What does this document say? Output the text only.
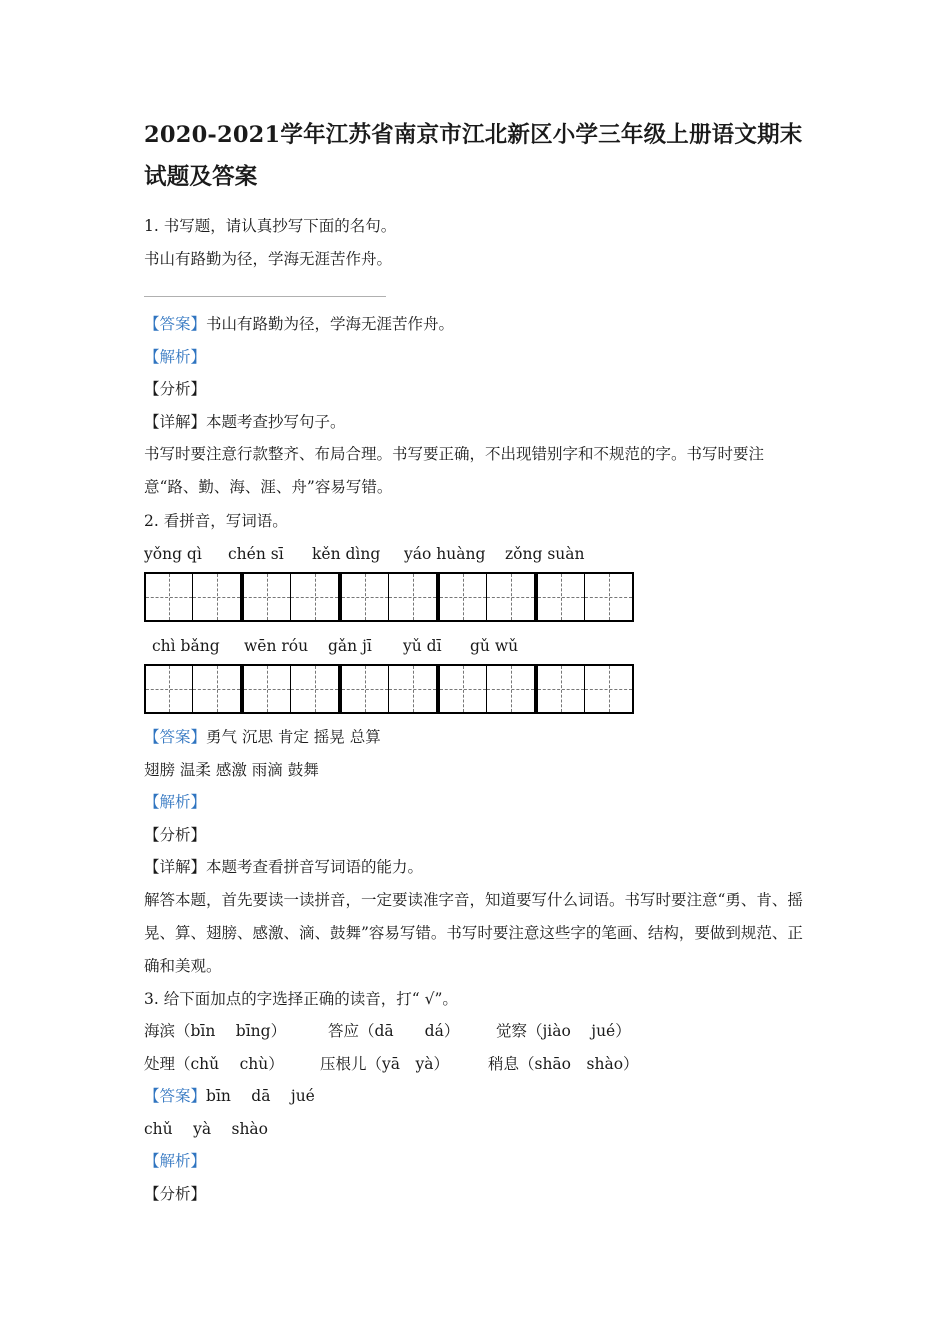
2020-2021学年江苏省南京市江北新区小学三年级上册语文期末试题及答案
1. 书写题，请认真抄写下面的名句。
书山有路勤为径，学海无涯苦作舟。
【答案】书山有路勤为径，学海无涯苦作舟。
【解析】
【分析】
【详解】本题考查抄写句子。
书写时要注意行款整齐、布局合理。书写要正确，不出现错别字和不规范的字。书写时要注意“路、勤、海、涯、舟”容易写错。
2. 看拼音，写词语。
yǒng qì chén sī kěn dìng yáo huàng zǒng suàn
chì bǎng wēn róu gǎn jī yǔ dī gǔ wǔ
【答案】勇气 沉思 肯定 摇晃 总算
翅膀 温柔 感激 雨滴 鼓舞
【解析】
【分析】
【详解】本题考查看拼音写词语的能力。
解答本题，首先要读一读拼音，一定要读准字音，知道要写什么词语。书写时要注意“勇、肯、摇晃、算、翅膀、感激、滴、鼓舞”容易写错。书写时要注意这些字的笔画、结构，要做到规范、正确和美观。
3. 给下面加点的字选择正确的读音，打“ √”。
海滨（bīn　 bīng）	答应（dā　　dá） 觉察（jiào　 jué）
处理（chǔ　 chù） 压根儿（yā　yà）	稍息（shāo　shào）
【答案】bīn　 dā　 jué
chǔ　 yà　 shào
【解析】
【分析】
